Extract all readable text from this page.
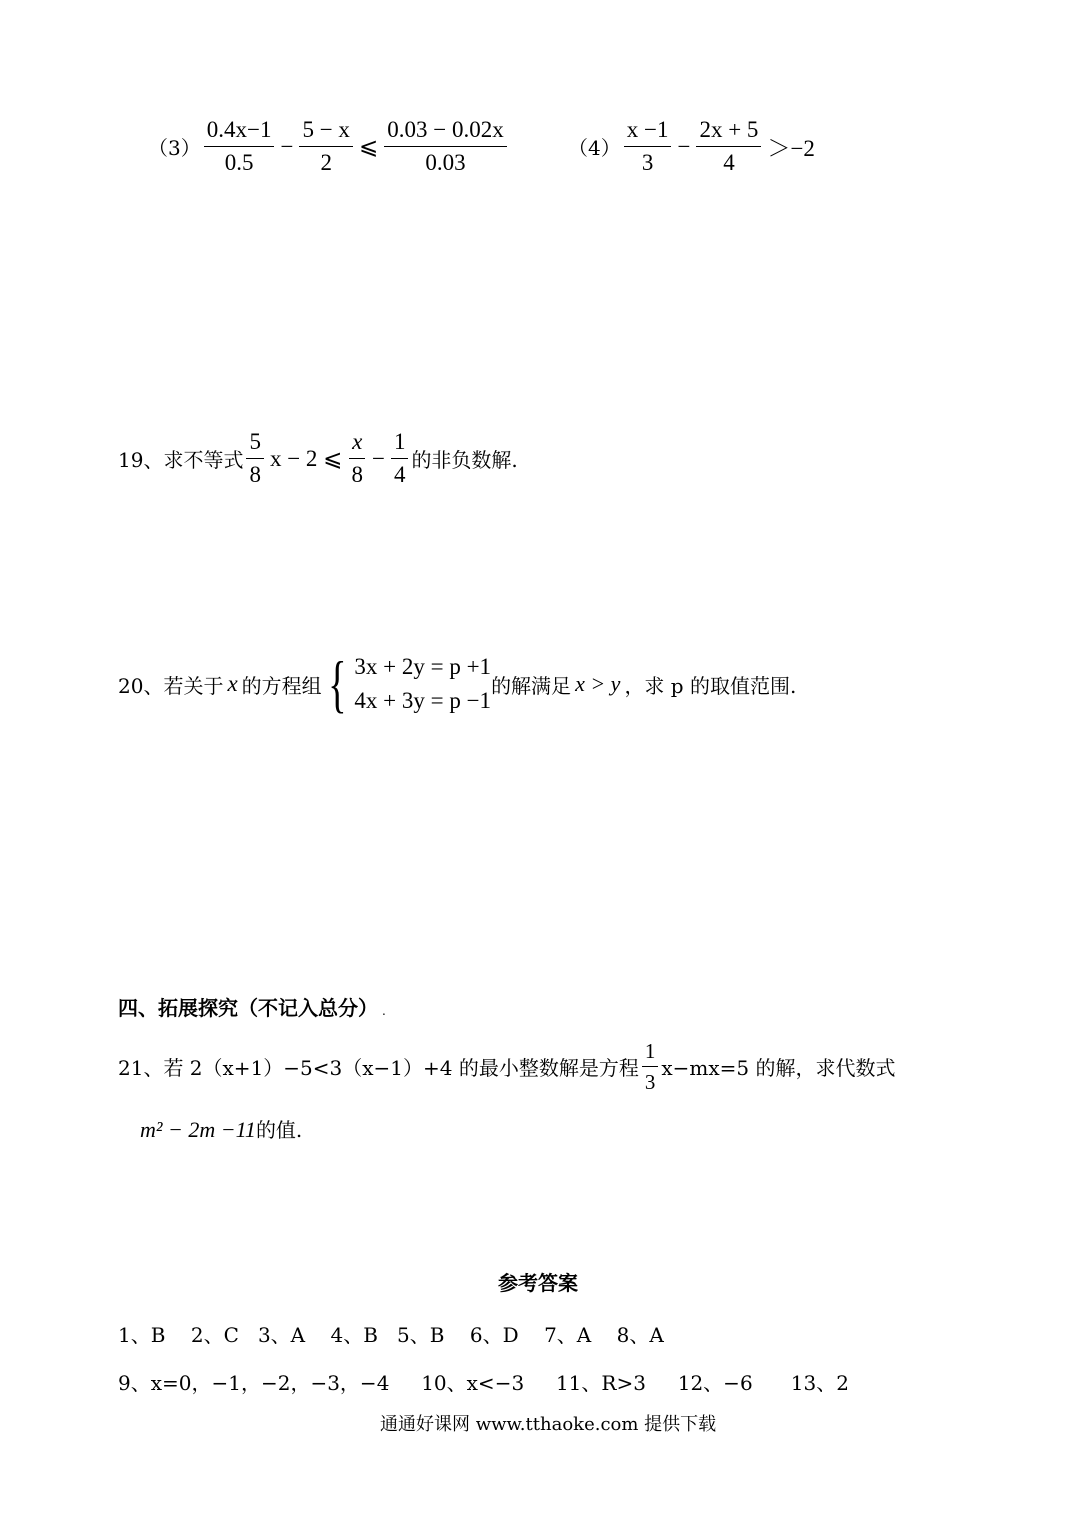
$(3) \frac{0.4x-1}{0.5} - \frac{5 - x}{2}$ ⩽ $\frac{0.03 - 0.02x}{0.03}$	$(4) \frac{x -1}{3} - \frac{2x + 5}{4} >-2$
19、求不等式 $\frac{5}{8}$ x − 2 ⩽ $\frac{x}{8} - \frac{1}{4}$ 的非负数解.
20、若关于 x 的方程组 { 3x + 2y = p +1
4x + 3y = p −1
的解满足 x > y ，求 p 的取值范围.
四、拓展探究（不记入总分） .
21、若 2（x+1）−5<3（x−1）+4 的最小整数解是方程 $\frac{1}{3} x-mx=5$ 的解，求代数式
m² − 2m −11的值.
参考答案
1、B    2、C   3、A    4、B   5、B    6、D    7、A    8、A
9、x=0，−1，−2，−3，−4     10、x<−3     11、R>3     12、−6      13、2
通通好课网 www.tthaoke.com 提供下载
